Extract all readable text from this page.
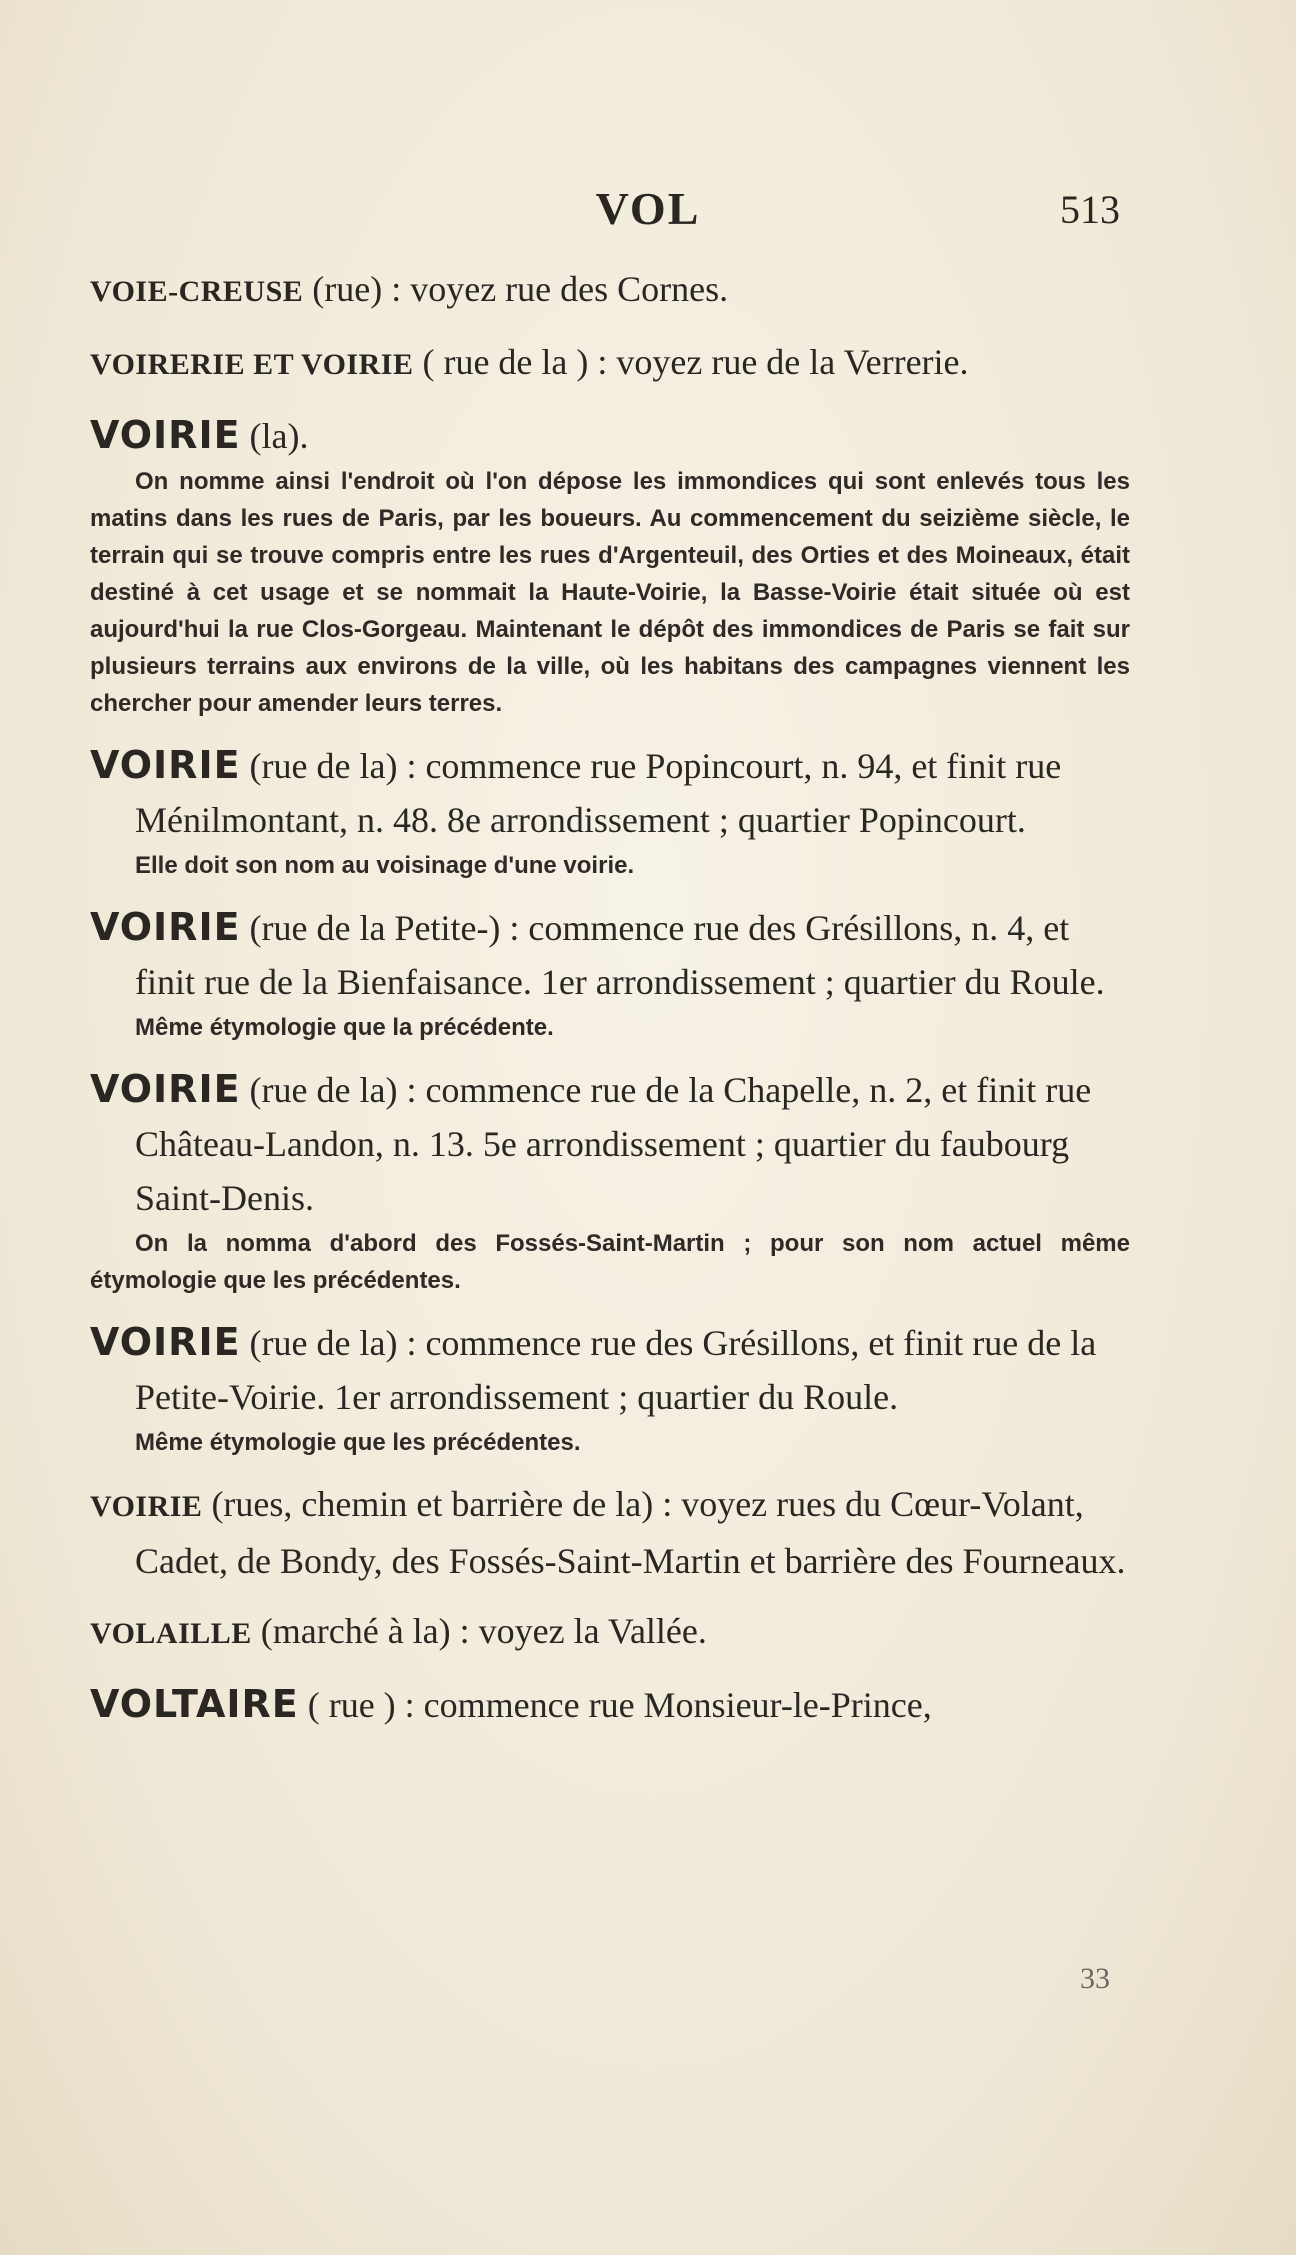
VOL	513
VOIE-CREUSE (rue) : voyez rue des Cornes.
VOIRERIE ET VOIRIE ( rue de la ) : voyez rue de la Verrerie.
VOIRIE (la).
On nomme ainsi l'endroit où l'on dépose les immondices qui sont enlevés tous les matins dans les rues de Paris, par les boueurs. Au commencement du seizième siècle, le terrain qui se trouve compris entre les rues d'Argenteuil, des Orties et des Moineaux, était destiné à cet usage et se nommait la Haute-Voirie, la Basse-Voirie était située où est aujourd'hui la rue Clos-Gorgeau. Maintenant le dépôt des immondices de Paris se fait sur plusieurs terrains aux environs de la ville, où les habitans des campagnes viennent les chercher pour amender leurs terres.
VOIRIE (rue de la) : commence rue Popincourt, n. 94, et finit rue Ménilmontant, n. 48. 8e arrondissement ; quartier Popincourt.
Elle doit son nom au voisinage d'une voirie.
VOIRIE (rue de la Petite-) : commence rue des Grésillons, n. 4, et finit rue de la Bienfaisance. 1er arrondissement ; quartier du Roule.
Même étymologie que la précédente.
VOIRIE (rue de la) : commence rue de la Chapelle, n. 2, et finit rue Château-Landon, n. 13. 5e arrondissement ; quartier du faubourg Saint-Denis.
On la nomma d'abord des Fossés-Saint-Martin ; pour son nom actuel même étymologie que les précédentes.
VOIRIE (rue de la) : commence rue des Grésillons, et finit rue de la Petite-Voirie. 1er arrondissement ; quartier du Roule.
Même étymologie que les précédentes.
VOIRIE (rues, chemin et barrière de la) : voyez rues du Cœur-Volant, Cadet, de Bondy, des Fossés-Saint-Martin et barrière des Fourneaux.
VOLAILLE (marché à la) : voyez la Vallée.
VOLTAIRE ( rue ) : commence rue Monsieur-le-Prince,
33
